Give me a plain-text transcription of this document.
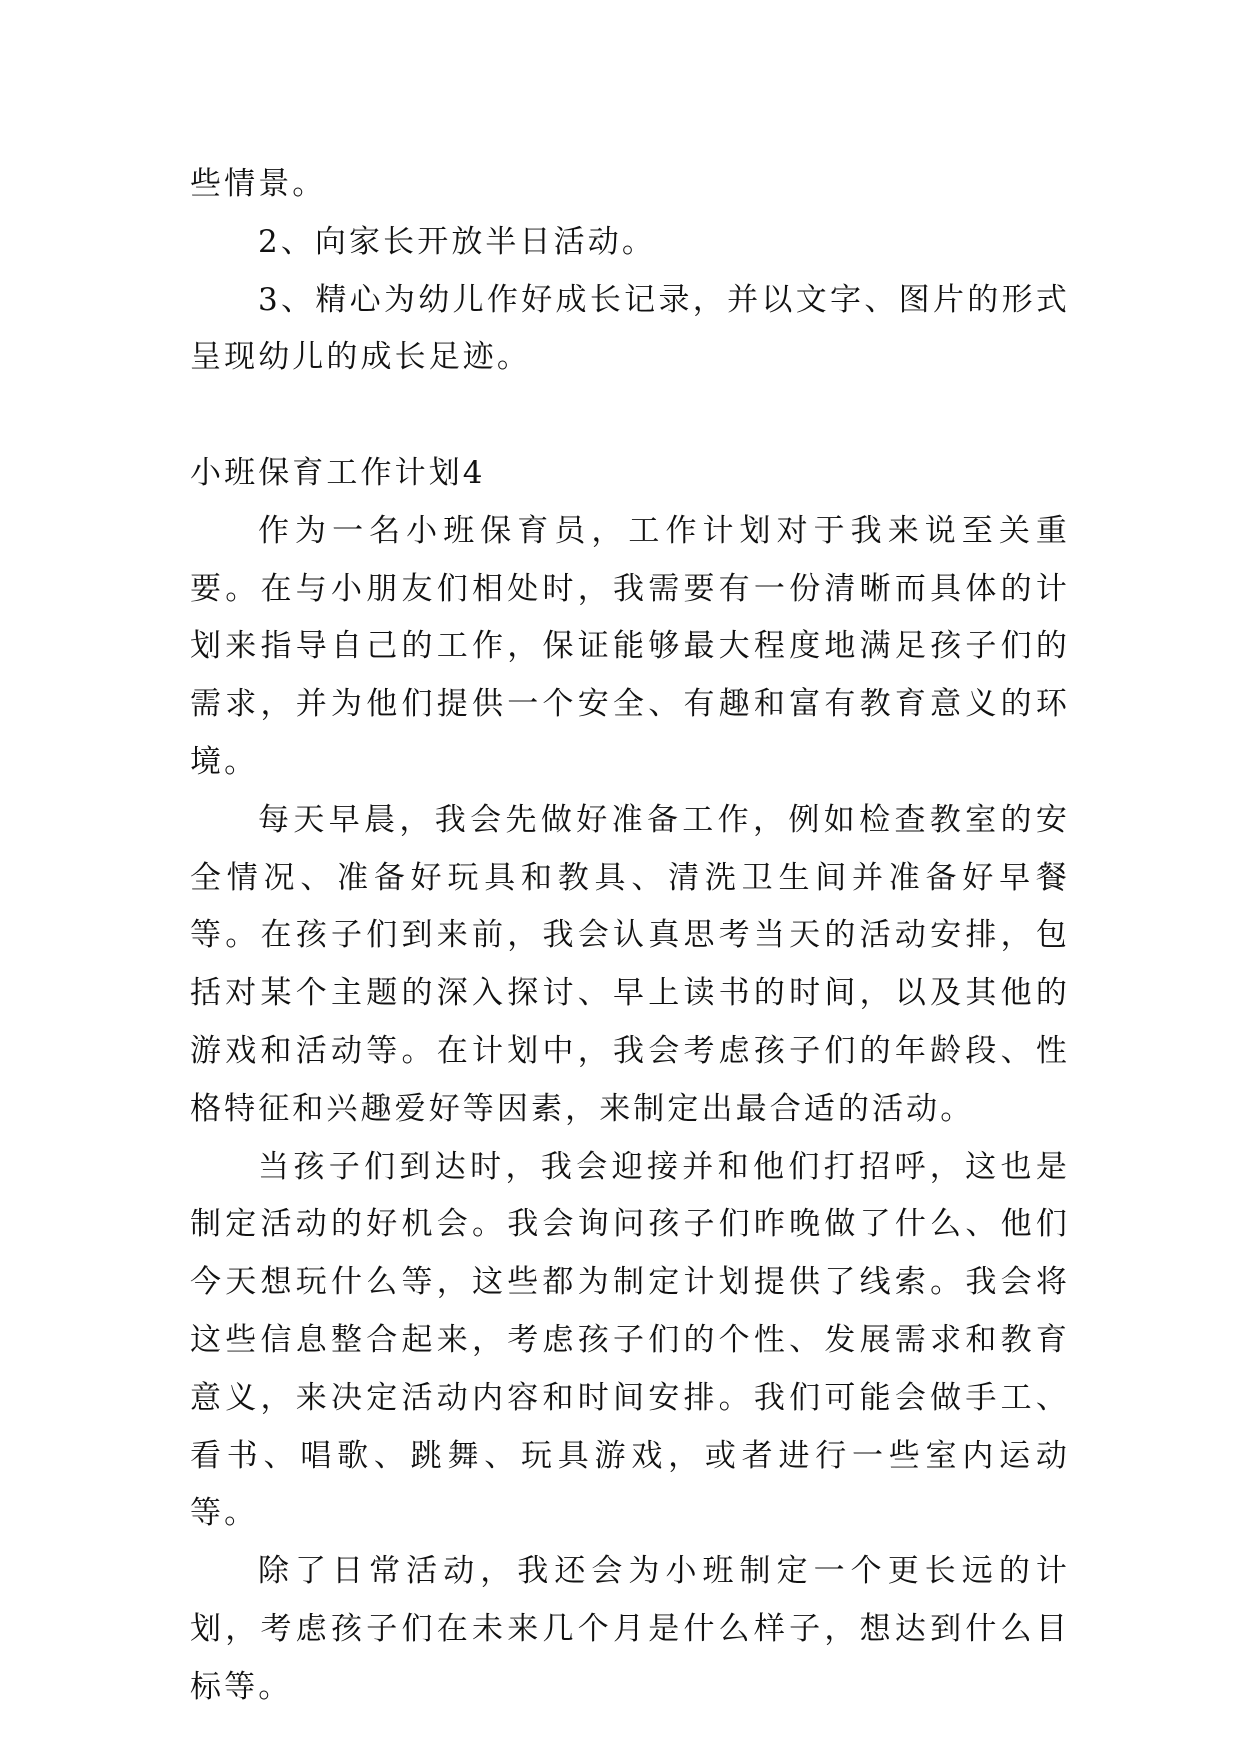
些情景。

2、向家长开放半日活动。

3、精心为幼儿作好成长记录，并以文字、图片的形式呈现幼儿的成长足迹。

小班保育工作计划4

作为一名小班保育员，工作计划对于我来说至关重要。在与小朋友们相处时，我需要有一份清晰而具体的计划来指导自己的工作，保证能够最大程度地满足孩子们的需求，并为他们提供一个安全、有趣和富有教育意义的环境。

每天早晨，我会先做好准备工作，例如检查教室的安全情况、准备好玩具和教具、清洗卫生间并准备好早餐等。在孩子们到来前，我会认真思考当天的活动安排，包括对某个主题的深入探讨、早上读书的时间，以及其他的游戏和活动等。在计划中，我会考虑孩子们的年龄段、性格特征和兴趣爱好等因素，来制定出最合适的活动。

当孩子们到达时，我会迎接并和他们打招呼，这也是制定活动的好机会。我会询问孩子们昨晚做了什么、他们今天想玩什么等，这些都为制定计划提供了线索。我会将这些信息整合起来，考虑孩子们的个性、发展需求和教育意义，来决定活动内容和时间安排。我们可能会做手工、看书、唱歌、跳舞、玩具游戏，或者进行一些室内运动等。

除了日常活动，我还会为小班制定一个更长远的计划，考虑孩子们在未来几个月是什么样子，想达到什么目标等。
